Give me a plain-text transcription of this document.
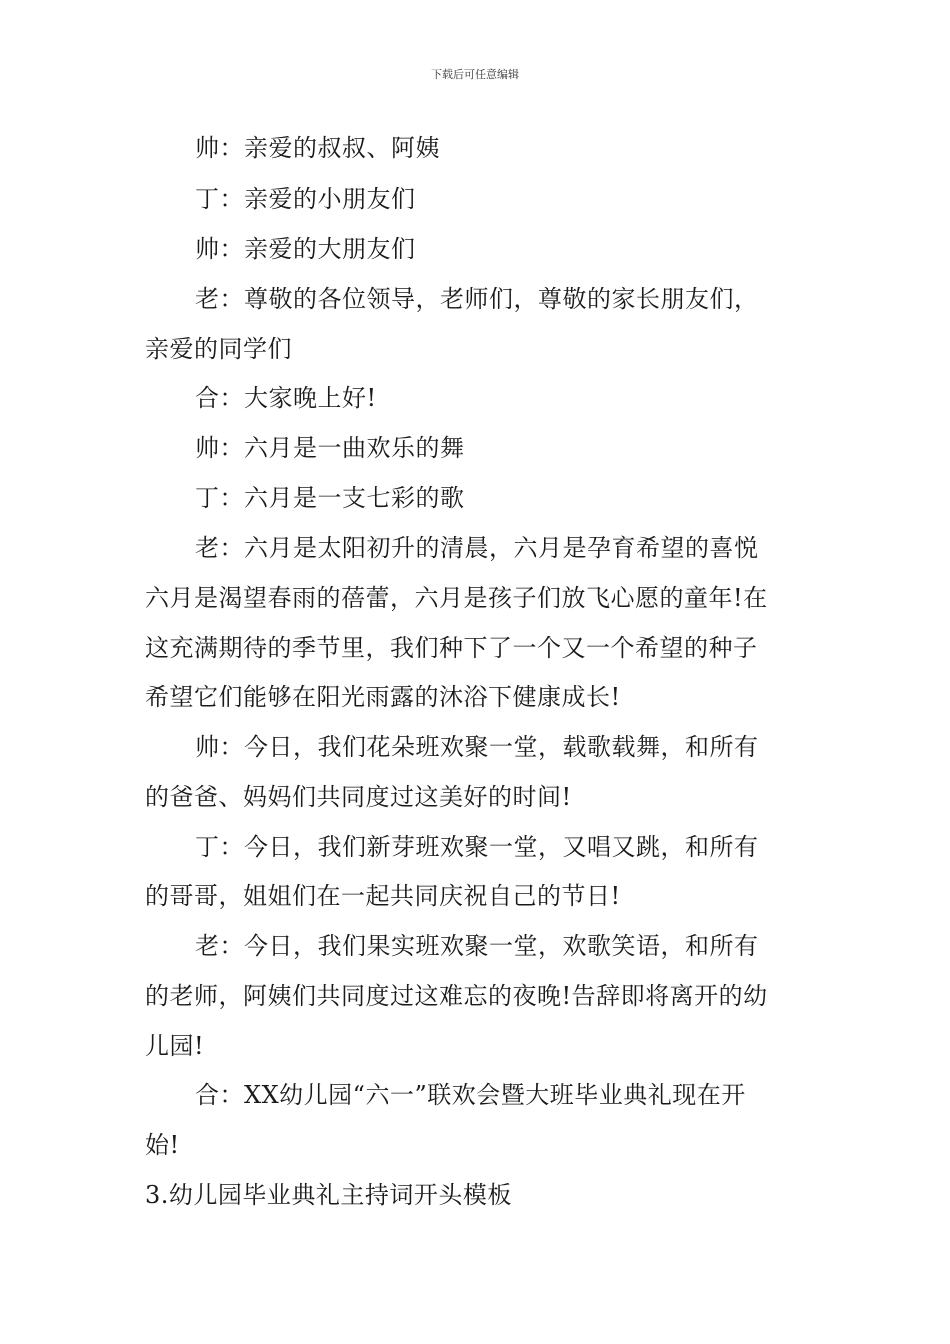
下载后可任意编辑
帅：亲爱的叔叔、阿姨
丁：亲爱的小朋友们
帅：亲爱的大朋友们
老：尊敬的各位领导，老师们，尊敬的家长朋友们，
亲爱的同学们
合：大家晚上好!
帅：六月是一曲欢乐的舞
丁：六月是一支七彩的歌
老：六月是太阳初升的清晨，六月是孕育希望的喜悦
六月是渴望春雨的蓓蕾，六月是孩子们放飞心愿的童年!在
这充满期待的季节里，我们种下了一个又一个希望的种子
希望它们能够在阳光雨露的沐浴下健康成长!
帅：今日，我们花朵班欢聚一堂，载歌载舞，和所有
的爸爸、妈妈们共同度过这美好的时间!
丁：今日，我们新芽班欢聚一堂，又唱又跳，和所有
的哥哥，姐姐们在一起共同庆祝自己的节日!
老：今日，我们果实班欢聚一堂，欢歌笑语，和所有
的老师，阿姨们共同度过这难忘的夜晚!告辞即将离开的幼
儿园!
合：XX幼儿园“六一”联欢会暨大班毕业典礼现在开
始!
3.幼儿园毕业典礼主持词开头模板
